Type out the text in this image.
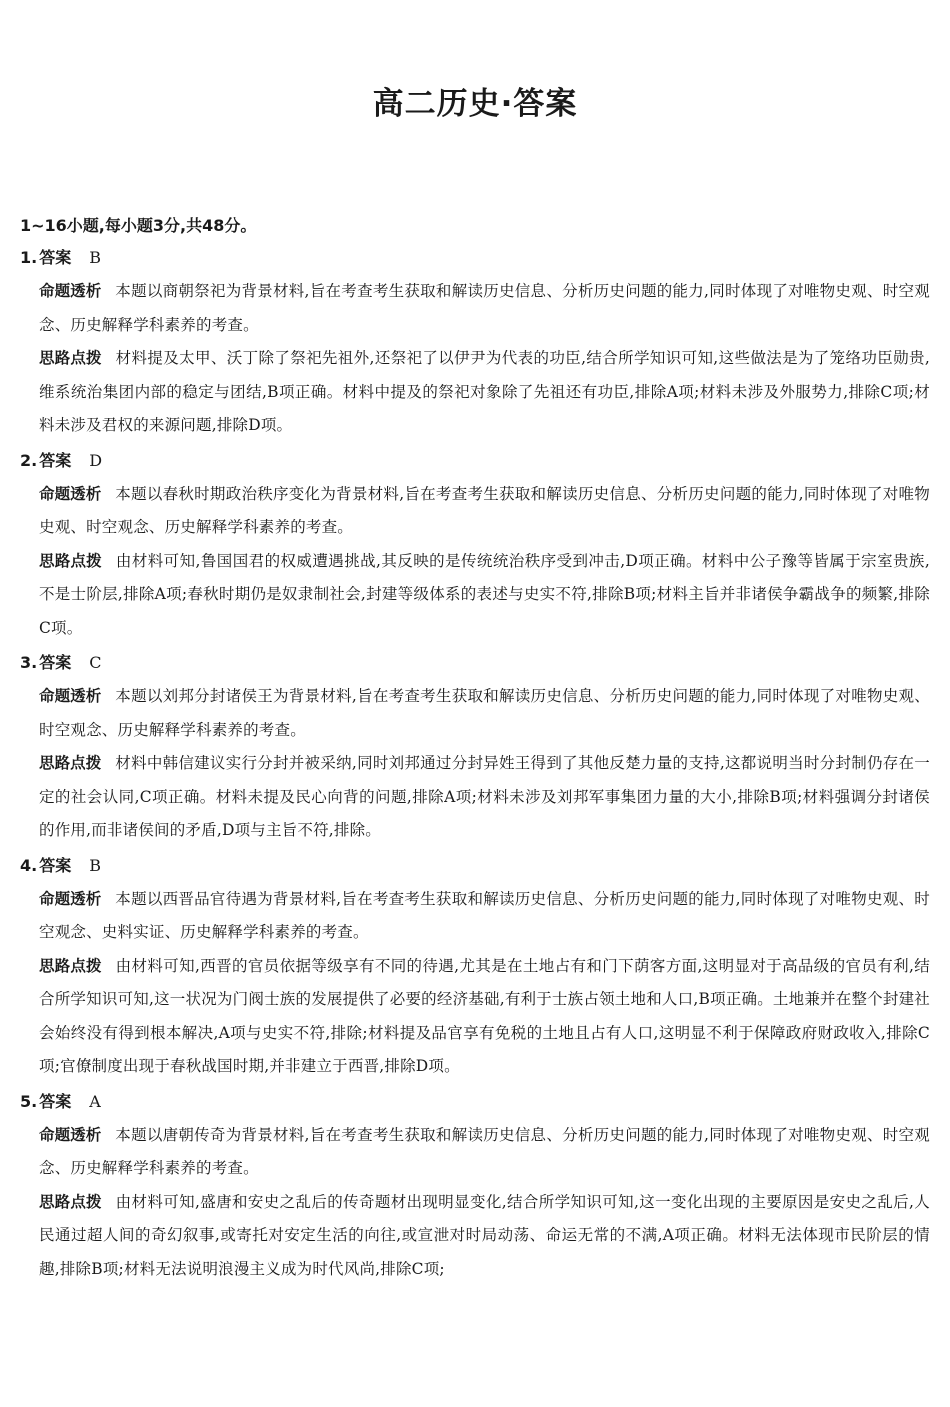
高二历史·答案
1~16小题,每小题3分,共48分。
1. 答案 B
命题透析 本题以商朝祭祀为背景材料,旨在考查考生获取和解读历史信息、分析历史问题的能力,同时体现了对唯物史观、时空观念、历史解释学科素养的考查。
思路点拨 材料提及太甲、沃丁除了祭祀先祖外,还祭祀了以伊尹为代表的功臣,结合所学知识可知,这些做法是为了笼络功臣勋贵,维系统治集团内部的稳定与团结,B项正确。材料中提及的祭祀对象除了先祖还有功臣,排除A项;材料未涉及外服势力,排除C项;材料未涉及君权的来源问题,排除D项。
2. 答案 D
命题透析 本题以春秋时期政治秩序变化为背景材料,旨在考查考生获取和解读历史信息、分析历史问题的能力,同时体现了对唯物史观、时空观念、历史解释学科素养的考查。
思路点拨 由材料可知,鲁国国君的权威遭遇挑战,其反映的是传统统治秩序受到冲击,D项正确。材料中公子豫等皆属于宗室贵族,不是士阶层,排除A项;春秋时期仍是奴隶制社会,封建等级体系的表述与史实不符,排除B项;材料主旨并非诸侯争霸战争的频繁,排除C项。
3. 答案 C
命题透析 本题以刘邦分封诸侯王为背景材料,旨在考查考生获取和解读历史信息、分析历史问题的能力,同时体现了对唯物史观、时空观念、历史解释学科素养的考查。
思路点拨 材料中韩信建议实行分封并被采纳,同时刘邦通过分封异姓王得到了其他反楚力量的支持,这都说明当时分封制仍存在一定的社会认同,C项正确。材料未提及民心向背的问题,排除A项;材料未涉及刘邦军事集团力量的大小,排除B项;材料强调分封诸侯的作用,而非诸侯间的矛盾,D项与主旨不符,排除。
4. 答案 B
命题透析 本题以西晋品官待遇为背景材料,旨在考查考生获取和解读历史信息、分析历史问题的能力,同时体现了对唯物史观、时空观念、史料实证、历史解释学科素养的考查。
思路点拨 由材料可知,西晋的官员依据等级享有不同的待遇,尤其是在土地占有和门下荫客方面,这明显对于高品级的官员有利,结合所学知识可知,这一状况为门阀士族的发展提供了必要的经济基础,有利于士族占领土地和人口,B项正确。土地兼并在整个封建社会始终没有得到根本解决,A项与史实不符,排除;材料提及品官享有免税的土地且占有人口,这明显不利于保障政府财政收入,排除C项;官僚制度出现于春秋战国时期,并非建立于西晋,排除D项。
5. 答案 A
命题透析 本题以唐朝传奇为背景材料,旨在考查考生获取和解读历史信息、分析历史问题的能力,同时体现了对唯物史观、时空观念、历史解释学科素养的考查。
思路点拨 由材料可知,盛唐和安史之乱后的传奇题材出现明显变化,结合所学知识可知,这一变化出现的主要原因是安史之乱后,人民通过超人间的奇幻叙事,或寄托对安定生活的向往,或宣泄对时局动荡、命运无常的不满,A项正确。材料无法体现市民阶层的情趣,排除B项;材料无法说明浪漫主义成为时代风尚,排除C项;
